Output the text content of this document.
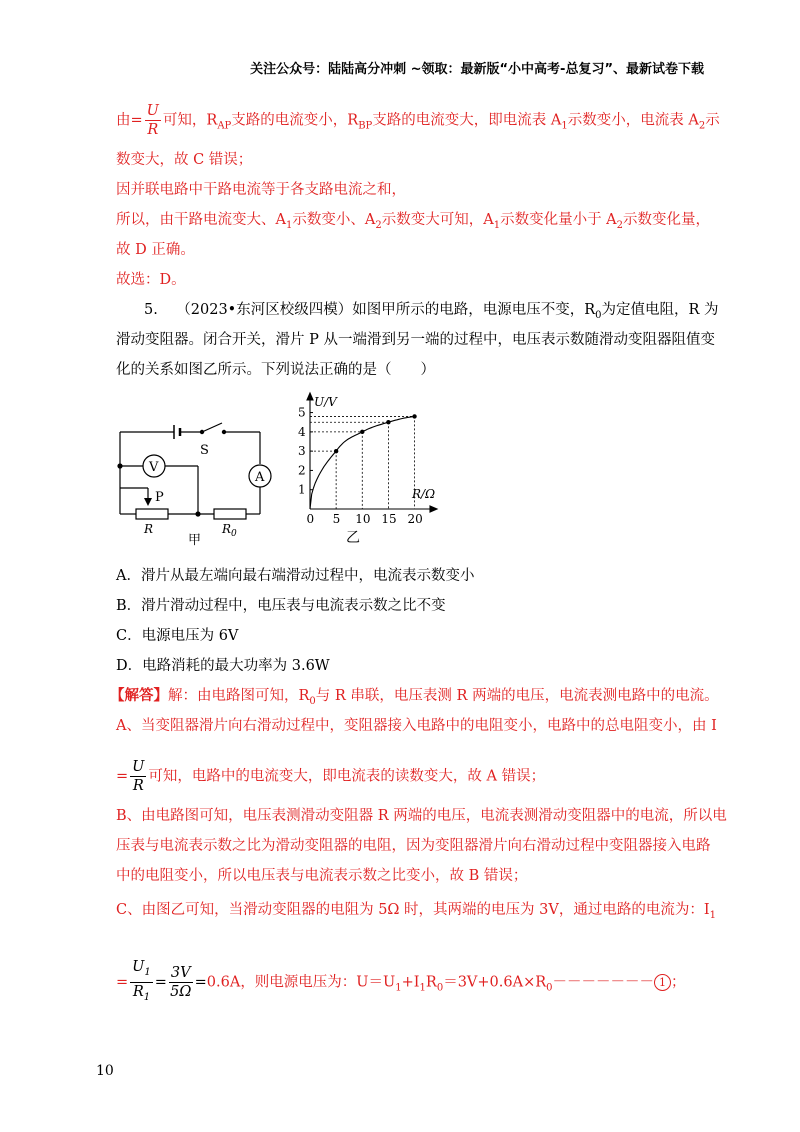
关注公众号：陆陆高分冲刺 ~领取：最新版“小中高考-总复习”、最新试卷下载
由= $\frac{U}{R}$ 可知，$R_{AP}$支路的电流变小，$R_{BP}$支路的电流变大，即电流表 $A_1$示数变小，电流表 $A_2$示
数变大，故 C 错误；
因并联电路中干路电流等于各支路电流之和，
所以，由干路电流变大、$A_1$示数变小、$A_2$示数变大可知，$A_1$示数变化量小于 $A_2$示数变化量，
故 D 正确。
故选：D。
5. （2023•东河区校级四模）如图甲所示的电路，电源电压不变，$R_0$为定值电阻，R 为
滑动变阻器。闭合开关，滑片 P 从一端滑到另一端的过程中，电压表示数随滑动变阻器阻值变
化的关系如图乙所示。下列说法正确的是（　　）
S
V
A
P
R	$R_0$
甲
0 5 10 15 20
1
2
3
4
5
U/V
R/Ω
乙
A．滑片从最左端向最右端滑动过程中，电流表示数变小
B．滑片滑动过程中，电压表与电流表示数之比不变
C．电源电压为 6V
D．电路消耗的最大功率为 3.6W
【解答】解：由电路图可知，$R_0$与 R 串联，电压表测 R 两端的电压，电流表测电路中的电流。
A、当变阻器滑片向右滑动过程中，变阻器接入电路中的电阻变小，电路中的总电阻变小，由 I
= $\frac{U}{R}$ 可知，电路中的电流变大，即电流表的读数变大，故 A 错误；
B、由电路图可知，电压表测滑动变阻器 R 两端的电压，电流表测滑动变阻器中的电流，所以电
压表与电流表示数之比为滑动变阻器的电阻，因为变阻器滑片向右滑动过程中变阻器接入电路
中的电阻变小，所以电压表与电流表示数之比变小，故 B 错误；
C、由图乙可知，当滑动变阻器的电阻为 5Ω 时，其两端的电压为 3V，通过电路的电流为：$I_1$
= $\frac{U_1}{R_1} = \frac{3V}{5\Omega} =0.6A$，则电源电压为：$U=U_1+I_1R_0=3V+0.6A\times R_0------- 1$ ；
10
